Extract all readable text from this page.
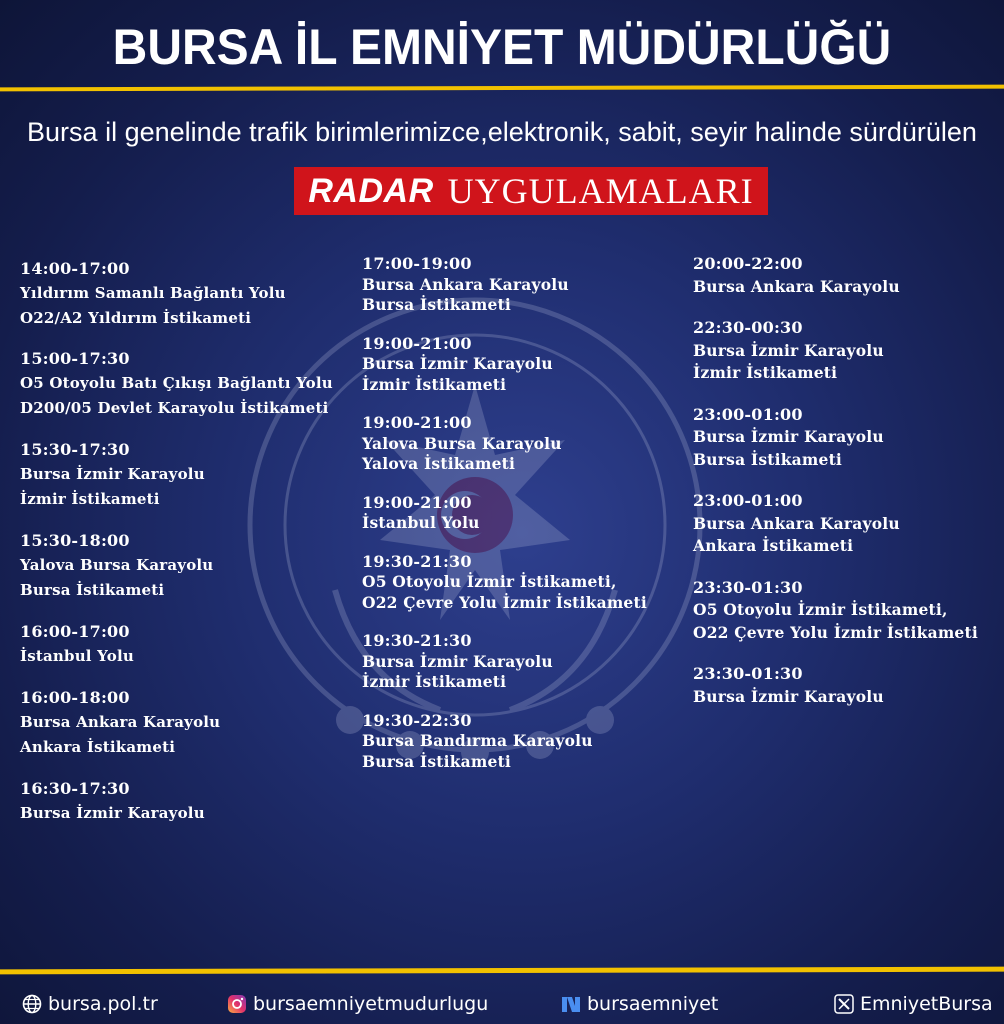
BURSA İL EMNİYET MÜDÜRLÜĞÜ
Bursa il genelinde trafik birimlerimizce,elektronik, sabit, seyir halinde sürdürülen
RADAR UYGULAMALARI
14:00-17:00
Yıldırım Samanlı Bağlantı Yolu
O22/A2 Yıldırım İstikameti
15:00-17:30
O5 Otoyolu Batı Çıkışı Bağlantı Yolu
D200/05 Devlet Karayolu İstikameti
15:30-17:30
Bursa İzmir Karayolu
İzmir İstikameti
15:30-18:00
Yalova Bursa Karayolu
Bursa İstikameti
16:00-17:00
İstanbul Yolu
16:00-18:00
Bursa Ankara Karayolu
Ankara İstikameti
16:30-17:30
Bursa İzmir Karayolu
17:00-19:00
Bursa Ankara Karayolu
Bursa İstikameti
19:00-21:00
Bursa İzmir Karayolu
İzmir İstikameti
19:00-21:00
Yalova Bursa Karayolu
Yalova İstikameti
19:00-21:00
İstanbul Yolu
19:30-21:30
O5 Otoyolu İzmir İstikameti,
O22 Çevre Yolu İzmir İstikameti
19:30-21:30
Bursa İzmir Karayolu
İzmir İstikameti
19:30-22:30
Bursa Bandırma Karayolu
Bursa İstikameti
20:00-22:00
Bursa Ankara Karayolu
22:30-00:30
Bursa İzmir Karayolu
İzmir İstikameti
23:00-01:00
Bursa İzmir Karayolu
Bursa İstikameti
23:00-01:00
Bursa Ankara Karayolu
Ankara İstikameti
23:30-01:30
O5 Otoyolu İzmir İstikameti,
O22 Çevre Yolu İzmir İstikameti
23:30-01:30
Bursa İzmir Karayolu
bursa.pol.tr	bursaemniyetmudurlugu	bursaemniyet	EmniyetBursa
